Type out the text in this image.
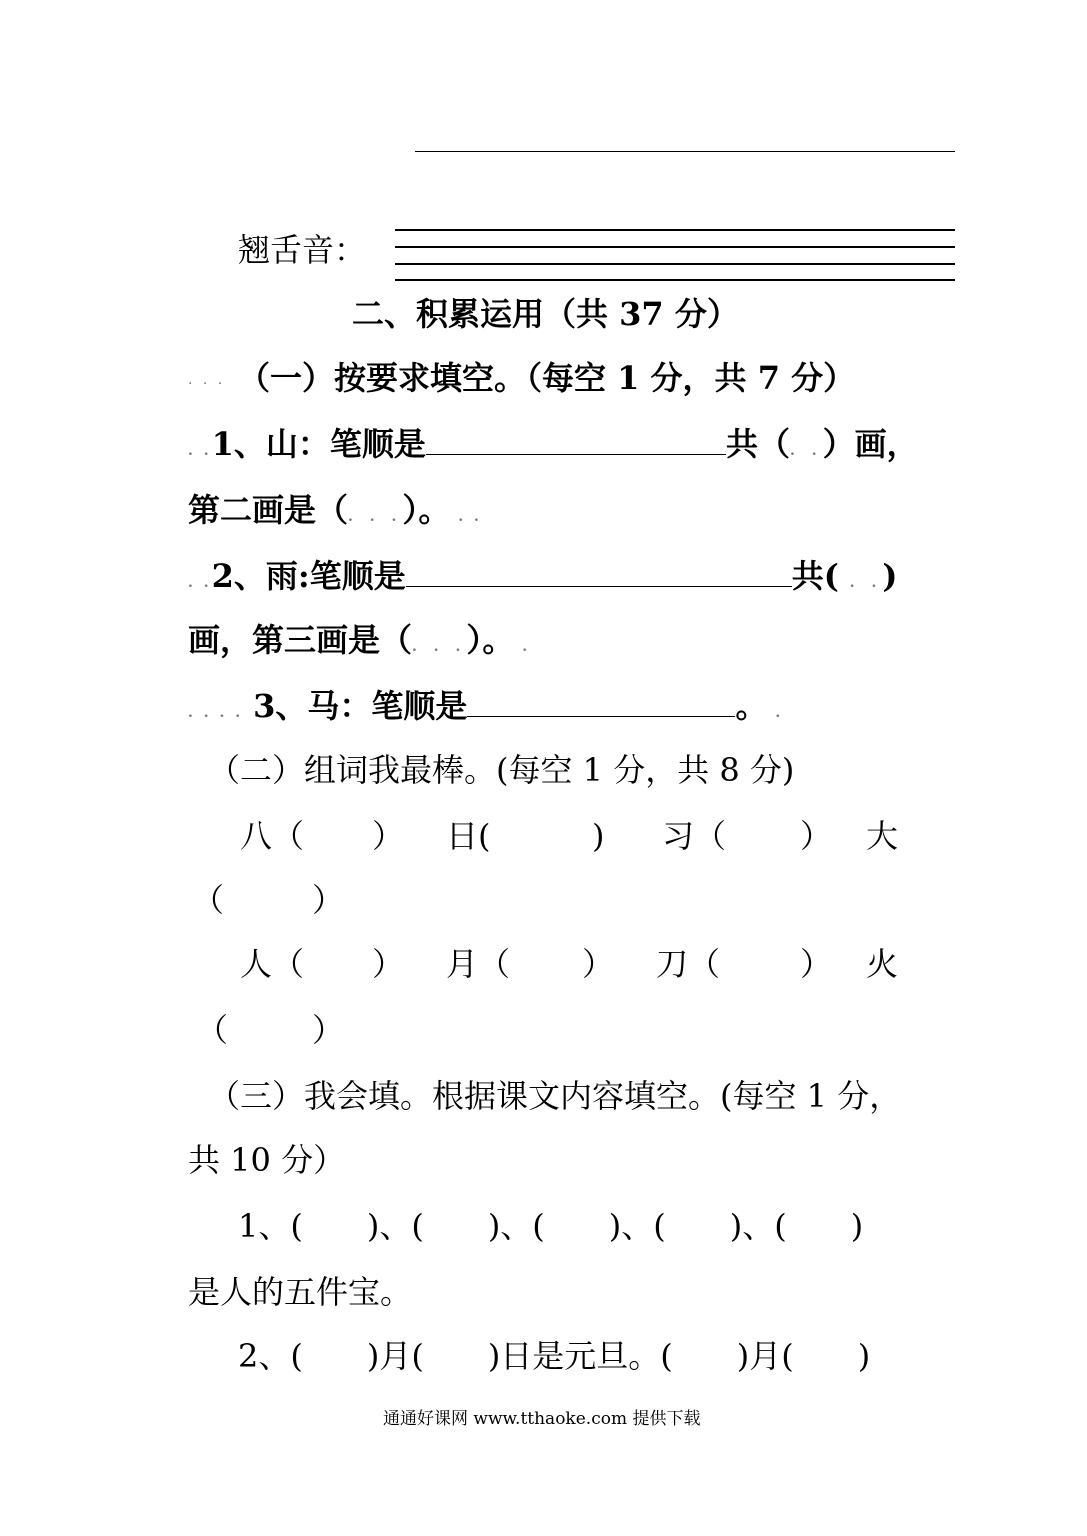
翘舌音：
二、积累运用（共 37 分）
. . . （一）按要求填空。（每空 1 分，共 7 分）
. .1、山：笔顺是	共（. .）画，
第二画是（. . .）。 . .
. .2、雨:笔顺是	共( . .)
画，第三画是（. . .）。 .
. . . . 3、马：笔顺是	。 .
（二）组词我最棒。(每空 1 分，共 8 分)
八（ ） 日(	) 习（ ） 大
（	）
人（ ） 月（ ） 刀（ ） 火
（	）
（三）我会填。根据课文内容填空。(每空 1 分，
共 10 分）
1、(　　)、(　　)、(　　)、(　　)、(　　)
是人的五件宝。
2、(　　)月(　　)日是元旦。(　　)月(　　)
通通好课网 www.tthaoke.com 提供下载
